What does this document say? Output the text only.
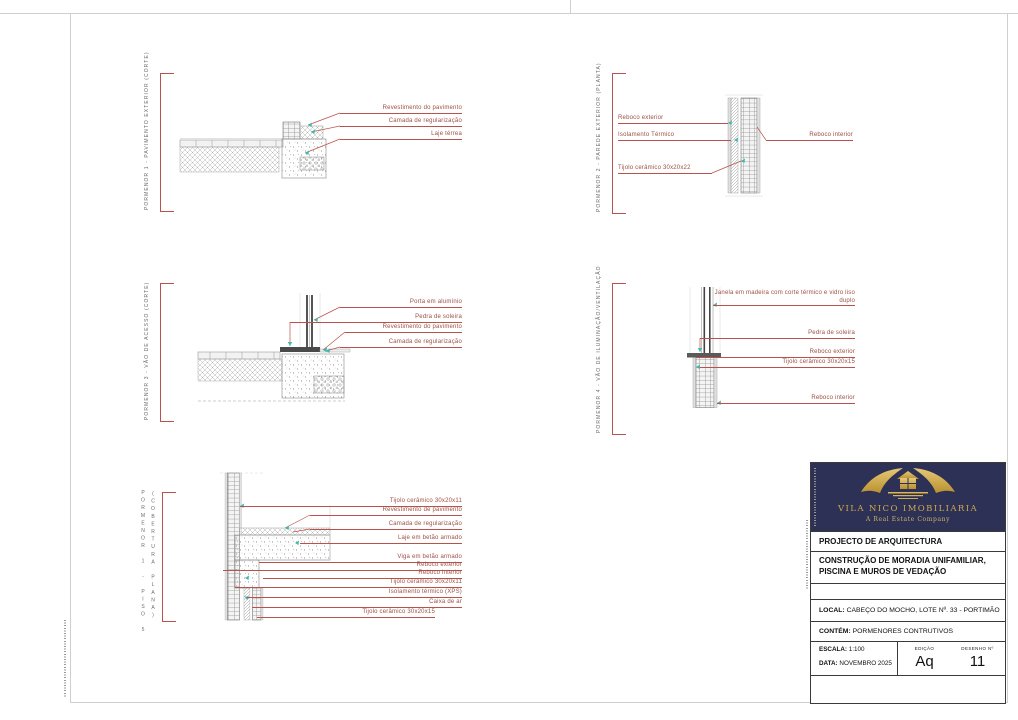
PORMENOR 1 - PAVIMENTO EXTERIOR (CORTE)	Revestimento do pavimento
Camada de regularização
Laje térrea	PORMENOR 2 - PAREDE EXTERIOR (PLANTA)	Reboco exterior
Isolamento Térmico
Tijolo cerâmico 30x20x22
Reboco interior
PORMENOR 3 - VÃO DE ACESSO (CORTE)	Porta em alumínio
Pedra de soleira
Revestimento do pavimento
Camada de regularização	PORMENOR 4 - VÃO DE ILUMINAÇÃO/VENTILAÇÃO	Janela em madeira com corte térmico e vidro liso duplo
Pedra de soleira
Reboco exterior
Tijolo cerâmico 30x20x15
Reboco interior
PORMENOR 1 - PISO 5 (COBERTURA PLANA)	Tijolo cerâmico 30x20x11
Revestimento de pavimento
Camada de regularização
Laje em betão armado
Viga em betão armado
Reboco exterior
Reboco interior
Tijolo cerâmico 30x20x11
Isolamento térmico (XPS)
Caixa de ar
Tijolo cerâmico 30x20x15
VILA NICO IMOBILIARIA
A Real Estate Company
PROJECTO DE ARQUITECTURA
CONSTRUÇÃO DE MORADIA UNIFAMILIAR, PISCINA E MUROS DE VEDAÇÃO
LOCAL: CABEÇO DO MOCHO, LOTE Nº. 33 - PORTIMÃO
CONTÉM: PORMENORES CONTRUTIVOS
ESCALA: 1:100
DATA: NOVEMBRO 2025
EDIÇÃO
Aq
DESENHO Nº
11
